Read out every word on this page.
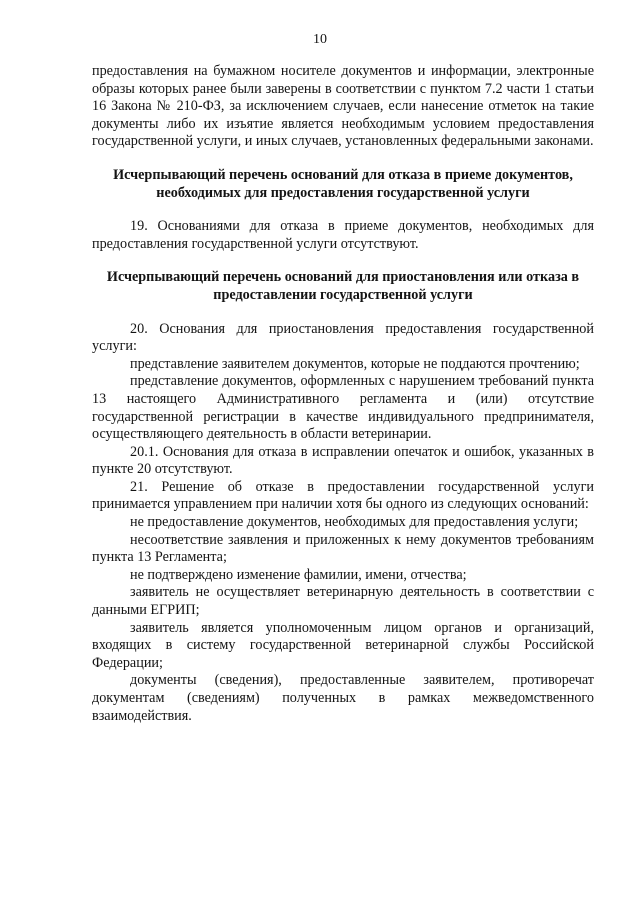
10

предоставления на бумажном носителе документов и информации, электронные образы которых ранее были заверены в соответствии с пунктом 7.2 части 1 статьи 16 Закона № 210-ФЗ, за исключением случаев, если нанесение отметок на такие документы либо их изъятие является необходимым условием предоставления государственной услуги, и иных случаев, установленных федеральными законами.

Исчерпывающий перечень оснований для отказа в приеме документов, необходимых для предоставления государственной услуги

19. Основаниями для отказа в приеме документов, необходимых для предоставления государственной услуги отсутствуют.

Исчерпывающий перечень оснований для приостановления или отказа в предоставлении государственной услуги

20. Основания для приостановления предоставления государственной услуги:

представление заявителем документов, которые не поддаются прочтению;

представление документов, оформленных с нарушением требований пункта 13 настоящего Административного регламента и (или) отсутствие государственной регистрации в качестве индивидуального предпринимателя, осуществляющего деятельность в области ветеринарии.

20.1. Основания для отказа в исправлении опечаток и ошибок, указанных в пункте 20 отсутствуют.

21. Решение об отказе в предоставлении государственной услуги принимается управлением при наличии хотя бы одного из следующих оснований:

не предоставление документов, необходимых для предоставления услуги;

несоответствие заявления и приложенных к нему документов требованиям пункта 13 Регламента;

не подтверждено изменение фамилии, имени, отчества;

заявитель не осуществляет ветеринарную деятельность в соответствии с данными ЕГРИП;

заявитель является уполномоченным лицом органов и организаций, входящих в систему государственной ветеринарной службы Российской Федерации;

документы (сведения), предоставленные заявителем, противоречат документам (сведениям) полученных в рамках межведомственного взаимодействия.
